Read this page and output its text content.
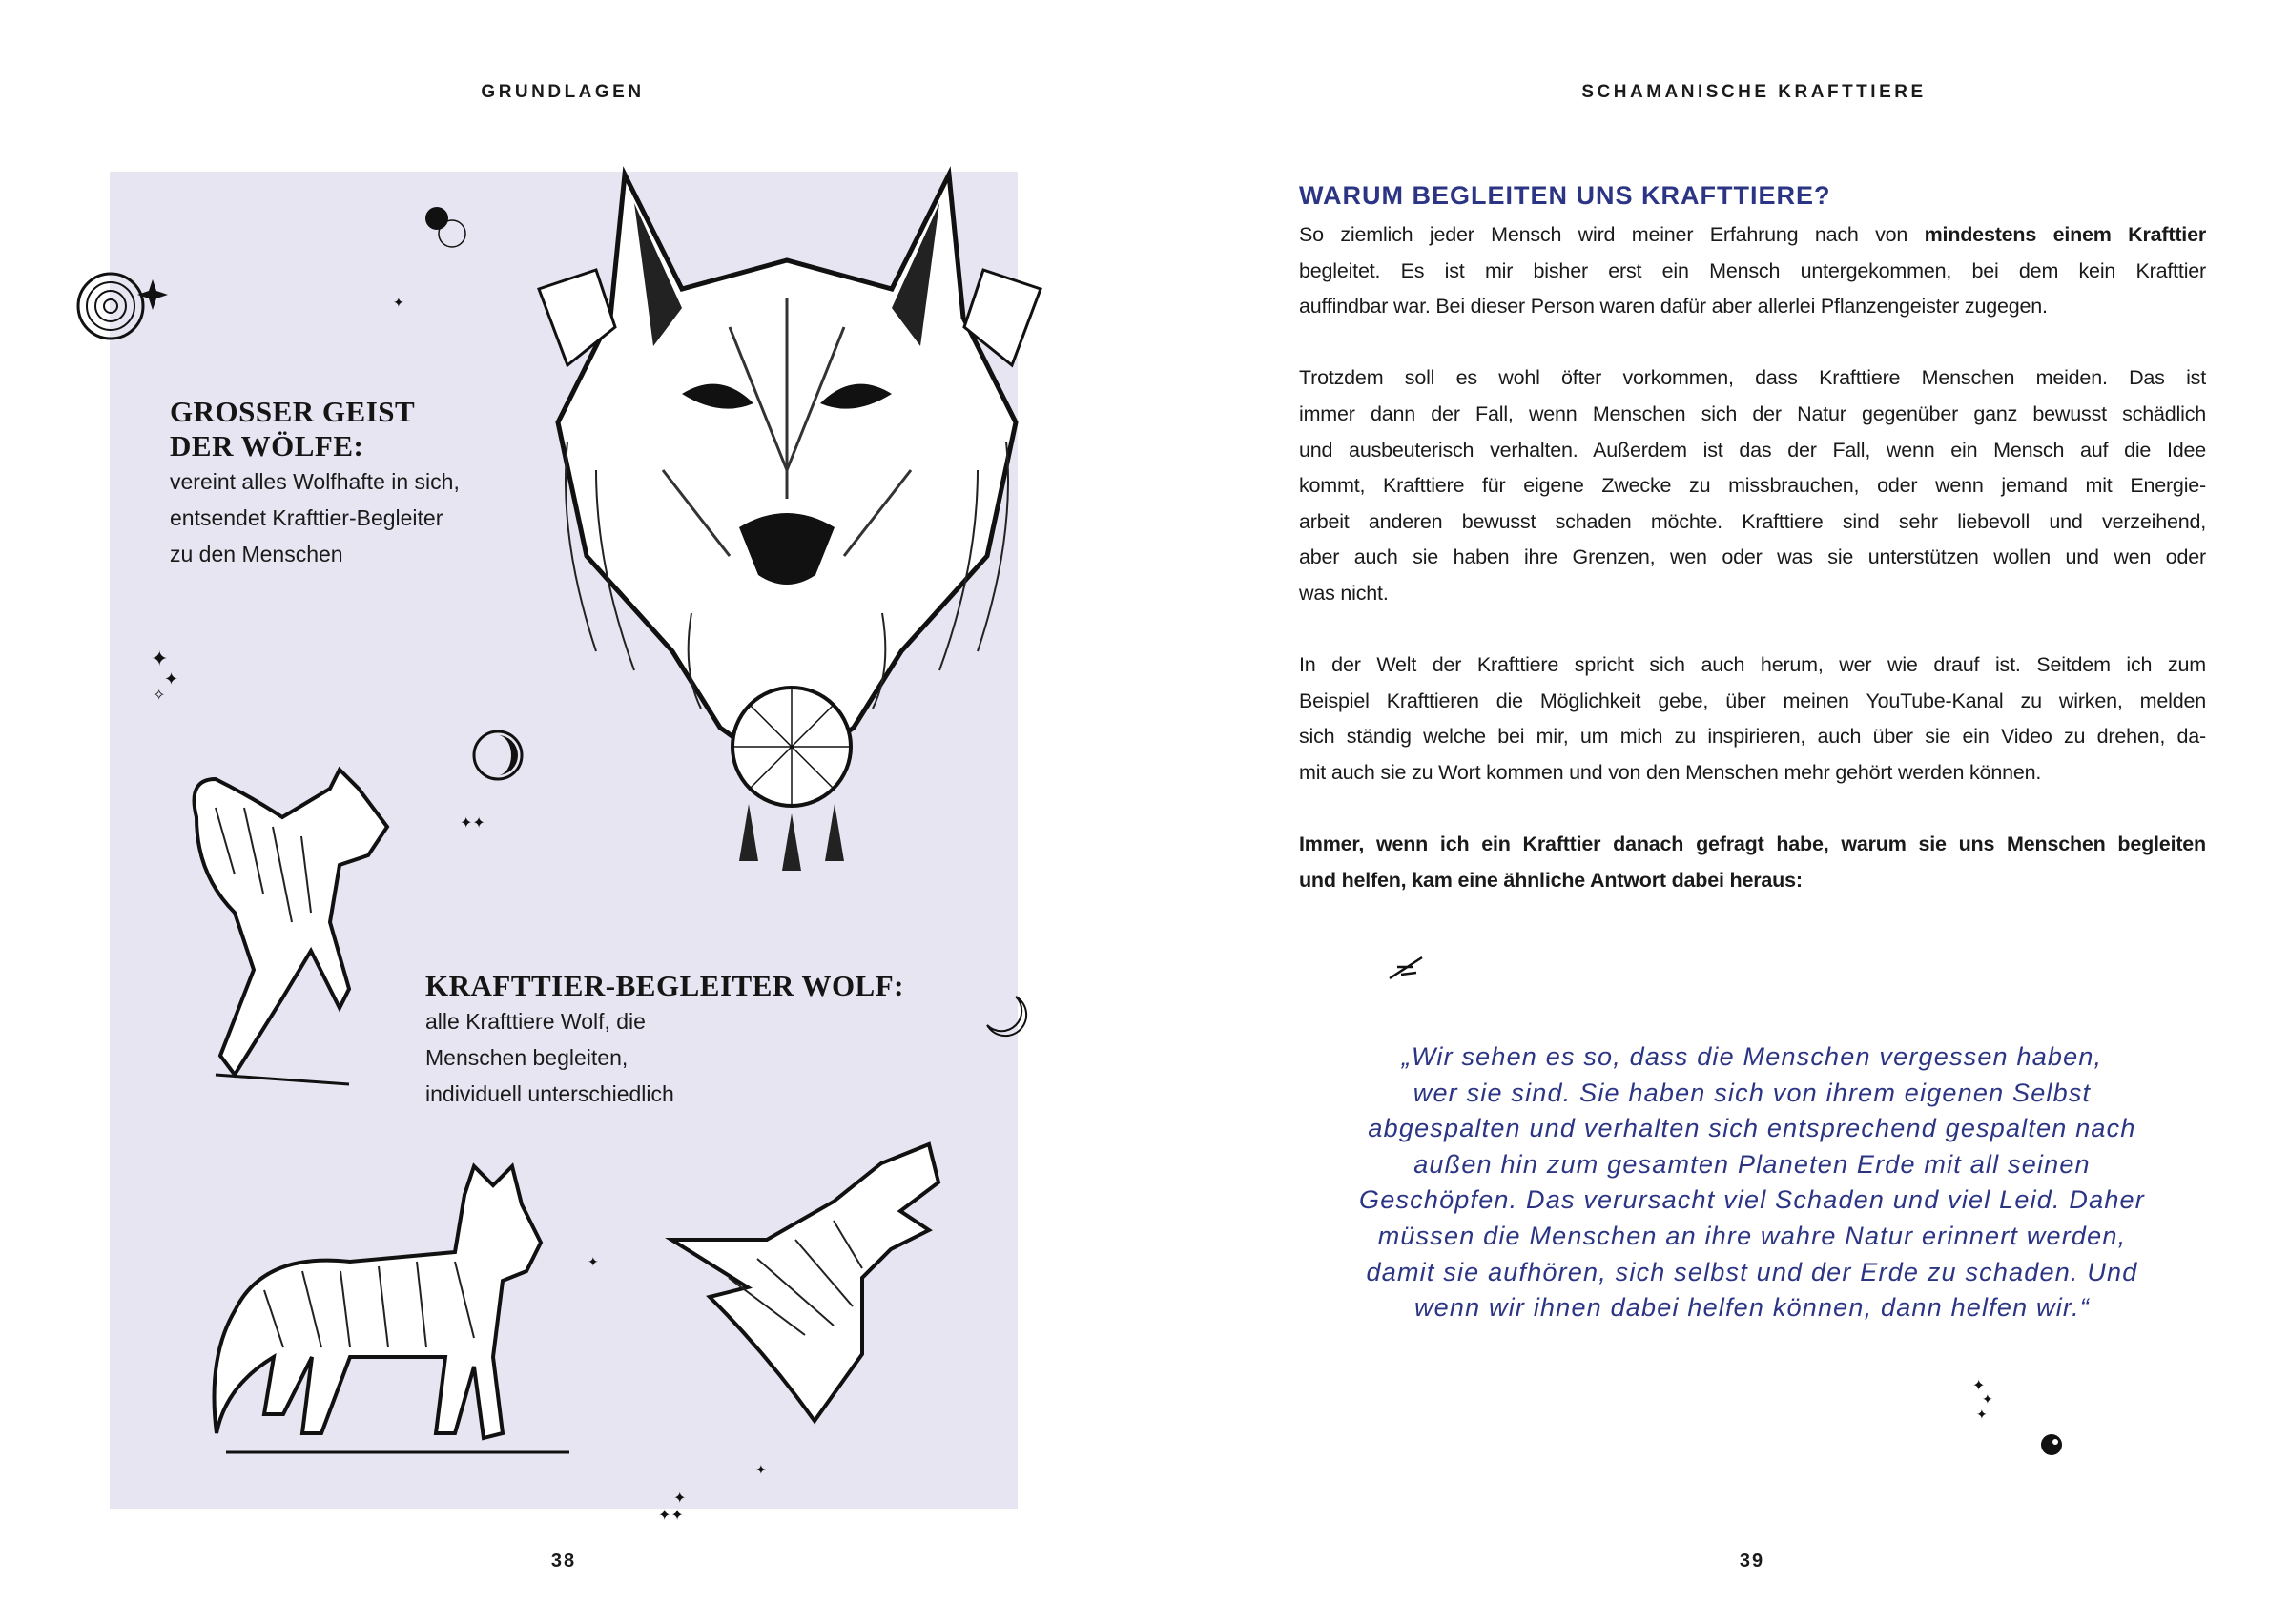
GRUNDLAGEN
✦
✦
✧
✦✦
✦✦
✦
✦
✦
✦
GROSSER GEIST
DER WÖLFE:
vereint alles Wolfhafte in sich,
entsendet Krafttier-Begleiter
zu den Menschen
KRAFTTIER-BEGLEITER WOLF:
alle Krafttiere Wolf, die
Menschen begleiten,
individuell unterschiedlich
38
SCHAMANISCHE KRAFTTIERE
WARUM BEGLEITEN UNS KRAFTTIERE?
So ziemlich jeder Mensch wird meiner Erfahrung nach von mindestens einem Krafttier
begleitet. Es ist mir bisher erst ein Mensch untergekommen, bei dem kein Krafttier
auffindbar war. Bei dieser Person waren dafür aber allerlei Pflanzengeister zugegen.
Trotzdem soll es wohl öfter vorkommen, dass Krafttiere Menschen meiden. Das ist
immer dann der Fall, wenn Menschen sich der Natur gegenüber ganz bewusst schädlich
und ausbeuterisch verhalten. Außerdem ist das der Fall, wenn ein Mensch auf die Idee
kommt, Krafttiere für eigene Zwecke zu missbrauchen, oder wenn jemand mit Energie-
arbeit anderen bewusst schaden möchte. Krafttiere sind sehr liebevoll und verzeihend,
aber auch sie haben ihre Grenzen, wen oder was sie unterstützen wollen und wen oder
was nicht.
In der Welt der Krafttiere spricht sich auch herum, wer wie drauf ist. Seitdem ich zum
Beispiel Krafttieren die Möglichkeit gebe, über meinen YouTube-Kanal zu wirken, melden
sich ständig welche bei mir, um mich zu inspirieren, auch über sie ein Video zu drehen, da-
mit auch sie zu Wort kommen und von den Menschen mehr gehört werden können.
Immer, wenn ich ein Krafttier danach gefragt habe, warum sie uns Menschen begleiten
und helfen, kam eine ähnliche Antwort dabei heraus:
„Wir sehen es so, dass die Menschen vergessen haben,
wer sie sind. Sie haben sich von ihrem eigenen Selbst
abgespalten und verhalten sich entsprechend gespalten nach
außen hin zum gesamten Planeten Erde mit all seinen
Geschöpfen. Das verursacht viel Schaden und viel Leid. Daher
müssen die Menschen an ihre wahre Natur erinnert werden,
damit sie aufhören, sich selbst und der Erde zu schaden. Und
wenn wir ihnen dabei helfen können, dann helfen wir.“
✦
✦
✦
39
